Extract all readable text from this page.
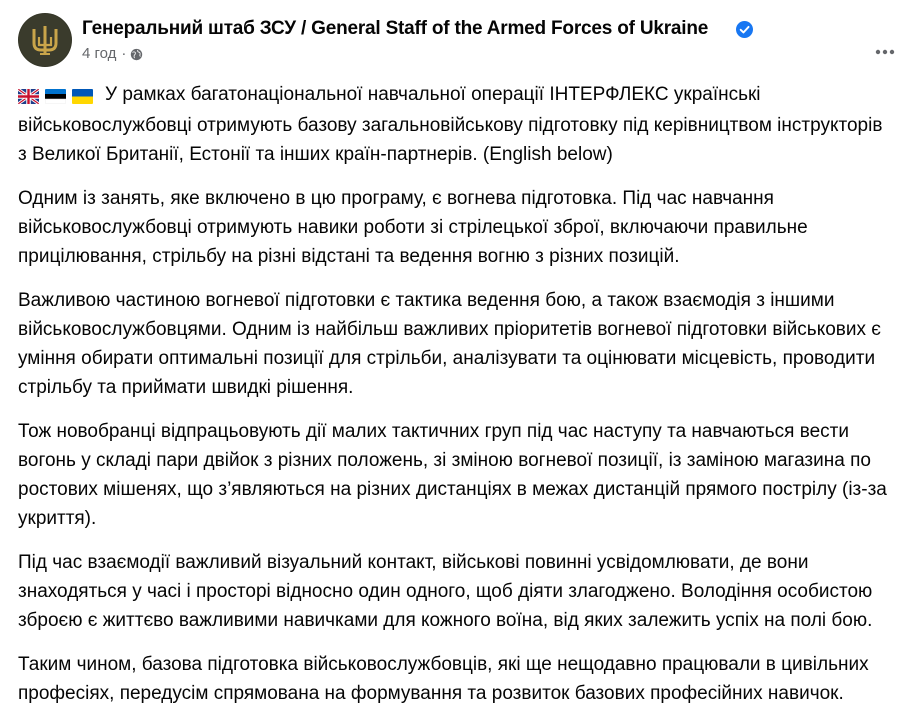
Генеральний штаб ЗСУ / General Staff of the Armed Forces of Ukraine
4 год ·

У рамках багатонаціональної навчальної операції ІНТЕРФЛЕКС українські військовослужбовці отримують базову загальновійськову підготовку під керівництвом інструкторів з Великої Британії, Естонії та інших країн-партнерів. (English below)

Одним із занять, яке включено в цю програму, є вогнева підготовка. Під час навчання військовослужбовці отримують навики роботи зі стрілецької зброї, включаючи правильне прицілювання, стрільбу на різні відстані та ведення вогню з різних позицій.

Важливою частиною вогневої підготовки є тактика ведення бою, а також взаємодія з іншими військовослужбовцями. Одним із найбільш важливих пріоритетів вогневої підготовки військових є уміння обирати оптимальні позиції для стрільби, аналізувати та оцінювати місцевість, проводити стрільбу та приймати швидкі рішення.

Тож новобранці відпрацьовують дії малих тактичних груп під час наступу та навчаються вести вогонь у складі пари двійок з різних положень, зі зміною вогневої позиції, із заміною магазина по ростових мішенях, що з’являються на різних дистанціях в межах дистанцій прямого пострілу (із-за укриття).

Під час взаємодії важливий візуальний контакт, військові повинні усвідомлювати, де вони знаходяться у часі і просторі відносно один одного, щоб діяти злагоджено. Володіння особистою зброєю є життєво важливими навичками для кожного воїна, від яких залежить успіх на полі бою.

Таким чином, базова підготовка військовослужбовців, які ще нещодавно працювали в цивільних професіях, передусім спрямована на формування та розвиток базових професійних навичок.
